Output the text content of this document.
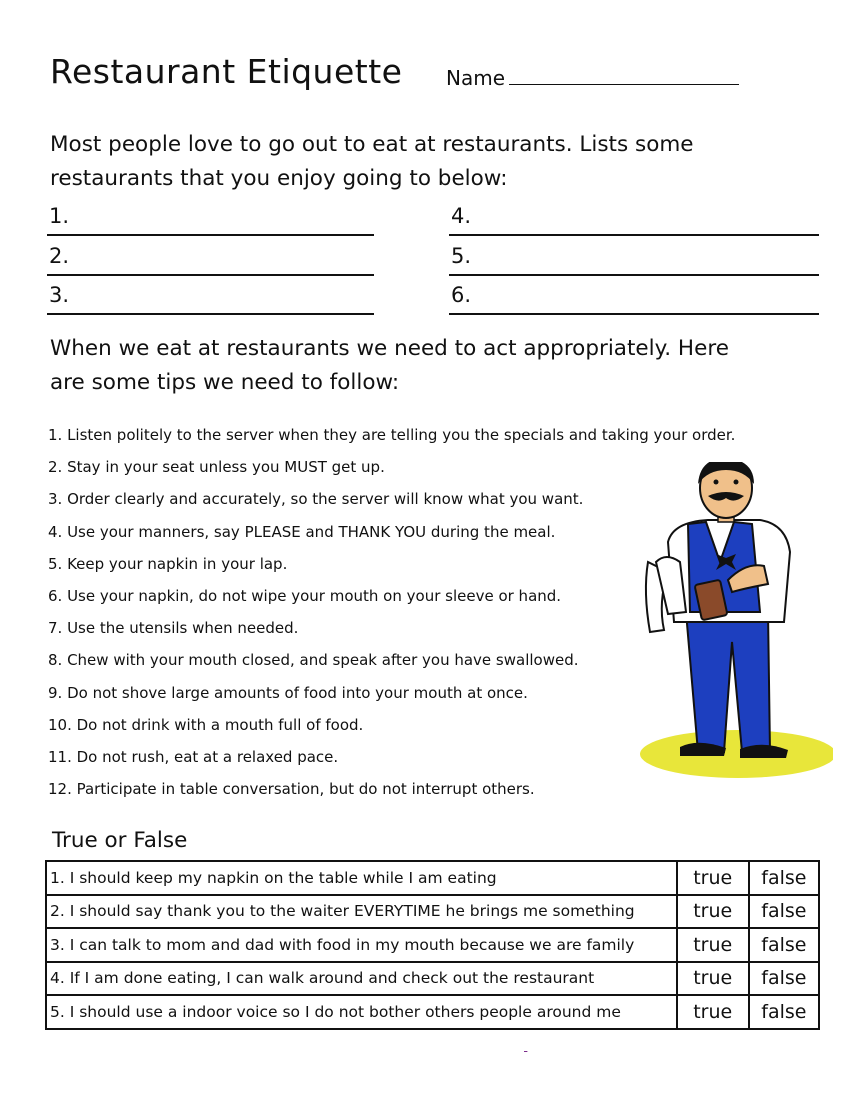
Restaurant Etiquette Name
Most people love to go out to eat at restaurants. Lists some
restaurants that you enjoy going to below:
1.
2.
3.
4.
5.
6.
When we eat at restaurants we need to act appropriately. Here
are some tips we need to follow:
1. Listen politely to the server when they are telling you the specials and taking your order.
2. Stay in your seat unless you MUST get up.
3. Order clearly and accurately, so the server will know what you want.
4. Use your manners, say PLEASE and THANK YOU during the meal.
5. Keep your napkin in your lap.
6. Use your napkin, do not wipe your mouth on your sleeve or hand.
7. Use the utensils when needed.
8. Chew with your mouth closed, and speak after you have swallowed.
9. Do not shove large amounts of food into your mouth at once.
10. Do not drink with a mouth full of food.
11. Do not rush, eat at a relaxed pace.
12. Participate in table conversation, but do not interrupt others.
True or False
1. I should keep my napkin on the table while I am eating	true	false
2. I should say thank you to the waiter EVERYTIME he brings me something	true	false
3. I can talk to mom and dad with food in my mouth because we are family	true	false
4. If I am done eating, I can walk around and check out the restaurant	true	false
5. I should use a indoor voice so I do not bother others people around me	true	false
